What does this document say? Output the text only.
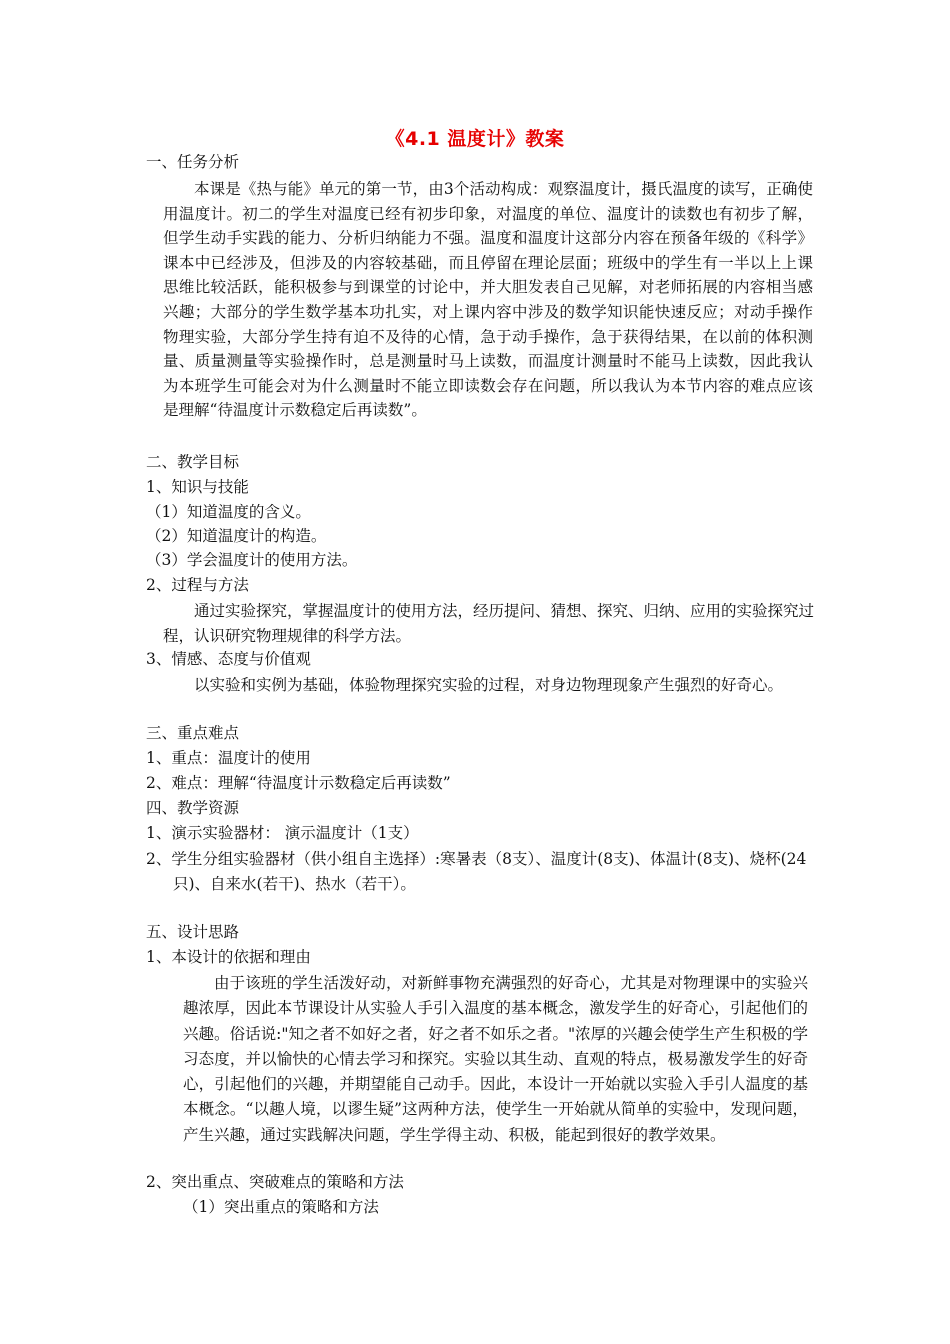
《4.1 温度计》教案
一、任务分析
本课是《热与能》单元的第一节，由3个活动构成：观察温度计，摄氏温度的读写，正确使用温度计。初二的学生对温度已经有初步印象，对温度的单位、温度计的读数也有初步了解，但学生动手实践的能力、分析归纳能力不强。温度和温度计这部分内容在预备年级的《科学》课本中已经涉及，但涉及的内容较基础，而且停留在理论层面；班级中的学生有一半以上上课思维比较活跃，能积极参与到课堂的讨论中，并大胆发表自己见解，对老师拓展的内容相当感兴趣；大部分的学生数学基本功扎实，对上课内容中涉及的数学知识能快速反应；对动手操作物理实验，大部分学生持有迫不及待的心情，急于动手操作，急于获得结果，在以前的体积测量、质量测量等实验操作时，总是测量时马上读数，而温度计测量时不能马上读数，因此我认为本班学生可能会对为什么测量时不能立即读数会存在问题，所以我认为本节内容的难点应该是理解“待温度计示数稳定后再读数”。
二、教学目标
1、知识与技能
（1）知道温度的含义。
（2）知道温度计的构造。
（3）学会温度计的使用方法。
2、过程与方法
通过实验探究，掌握温度计的使用方法，经历提问、猜想、探究、归纳、应用的实验探究过程，认识研究物理规律的科学方法。
3、情感、态度与价值观
以实验和实例为基础，体验物理探究实验的过程，对身边物理现象产生强烈的好奇心。
三、重点难点
1、重点：温度计的使用
2、难点：理解“待温度计示数稳定后再读数”
四、教学资源
1、演示实验器材： 演示温度计（1支）
2、学生分组实验器材（供小组自主选择）:寒暑表（8支）、温度计(8支)、体温计(8支)、烧杯(24只)、自来水(若干)、热水（若干）。
五、设计思路
1、本设计的依据和理由
由于该班的学生活泼好动，对新鲜事物充满强烈的好奇心，尤其是对物理课中的实验兴趣浓厚，因此本节课设计从实验人手引入温度的基本概念，激发学生的好奇心，引起他们的兴趣。俗话说:"知之者不如好之者，好之者不如乐之者。"浓厚的兴趣会使学生产生积极的学习态度，并以愉快的心情去学习和探究。实验以其生动、直观的特点，极易激发学生的好奇心，引起他们的兴趣，并期望能自己动手。因此，本设计一开始就以实验入手引人温度的基本概念。“以趣人境，以谬生疑”这两种方法，使学生一开始就从简单的实验中，发现问题，产生兴趣，通过实践解决问题，学生学得主动、积极，能起到很好的教学效果。
2、突出重点、突破难点的策略和方法
（1）突出重点的策略和方法
